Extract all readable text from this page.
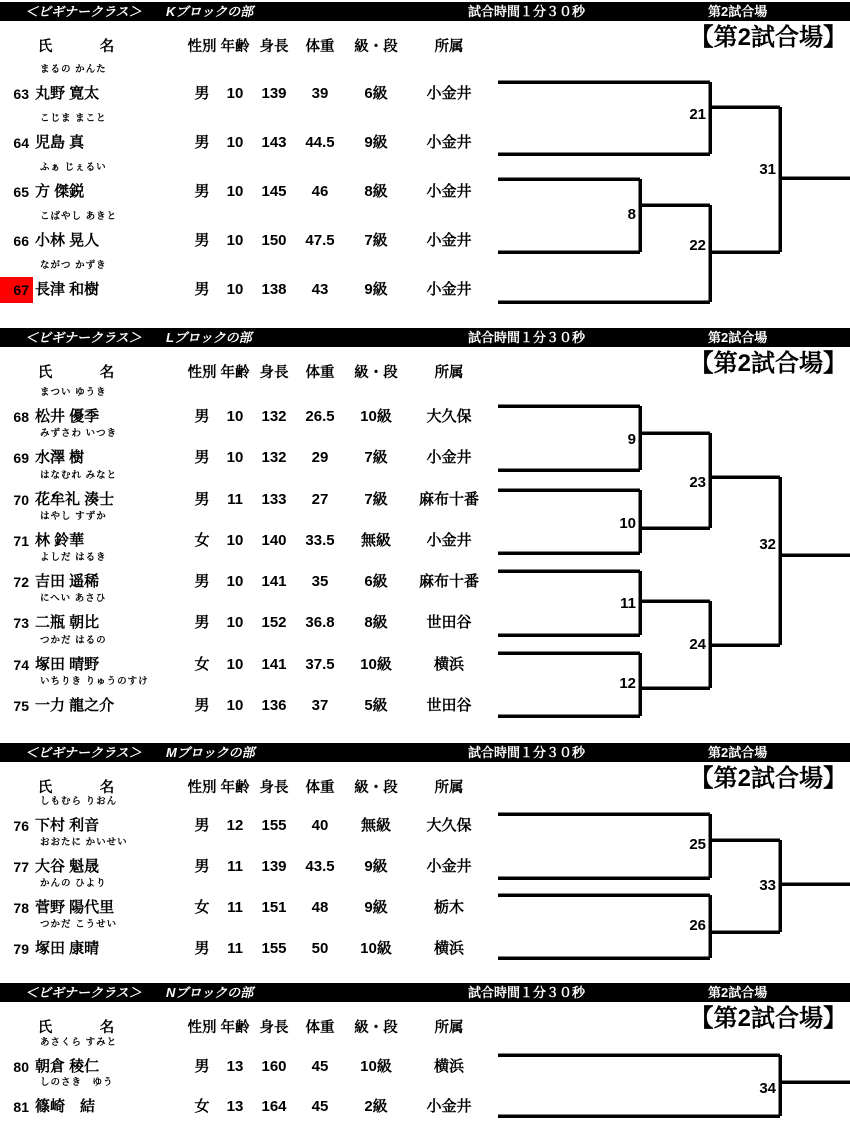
＜ビギナークラス＞ Kブロックの部	試合時間１分３０秒	第2試合場
【第2試合場】
氏	名	性別 年齢 身長	体重	級・段	所属
まるの かんた
63 丸野 寛太	男	10	139	39	6級	小金井
こじま まこと
64 児島 真	男	10	143	44.5	9級	小金井
ふぁ じぇるい
65 方 傑鋭	男	10	145	46	8級	小金井
こばやし あきと
66 小林 晃人	男	10	150	47.5	7級	小金井
ながつ かずき
67 長津 和樹	男	10	138	43	9級	小金井
＜ビギナークラス＞ Lブロックの部	試合時間１分３０秒	第2試合場
【第2試合場】
氏	名	性別 年齢 身長	体重	級・段	所属
まつい ゆうき
68 松井 優季	男	10	132	26.5	10級	大久保
みずさわ いつき
69 水澤 樹	男	10	132	29	7級	小金井
はなむれ みなと
70 花牟礼 湊士	男	11	133	27	7級	麻布十番
はやし すずか
71 林 鈴華	女	10	140	33.5	無級	小金井
よしだ はるき
72 吉田 遥稀	男	10	141	35	6級	麻布十番
にへい あさひ
73 二瓶 朝比	男	10	152	36.8	8級	世田谷
つかだ はるの
74 塚田 晴野	女	10	141	37.5	10級	横浜
いちりき りゅうのすけ
75 一力 龍之介	男	10	136	37	5級	世田谷
＜ビギナークラス＞ Mブロックの部	試合時間１分３０秒	第2試合場
【第2試合場】
氏	名	性別 年齢 身長	体重	級・段	所属
しもむら りおん
76 下村 利音	男	12	155	40	無級	大久保
おおたに かいせい
77 大谷 魁晟	男	11	139	43.5	9級	小金井
かんの ひより
78 菅野 陽代里	女	11	151	48	9級	栃木
つかだ こうせい
79 塚田 康晴	男	11	155	50	10級	横浜
＜ビギナークラス＞ Nブロックの部	試合時間１分３０秒	第2試合場
【第2試合場】
氏	名	性別 年齢 身長	体重	級・段	所属
あさくら すみと
80 朝倉 稜仁	男	13	160	45	10級	横浜
しのさき　ゆう
81 篠崎　結	女	13	164	45	2級	小金井
21
8
22
31
9
10
23
11
12
24
32
25
26
33
34
